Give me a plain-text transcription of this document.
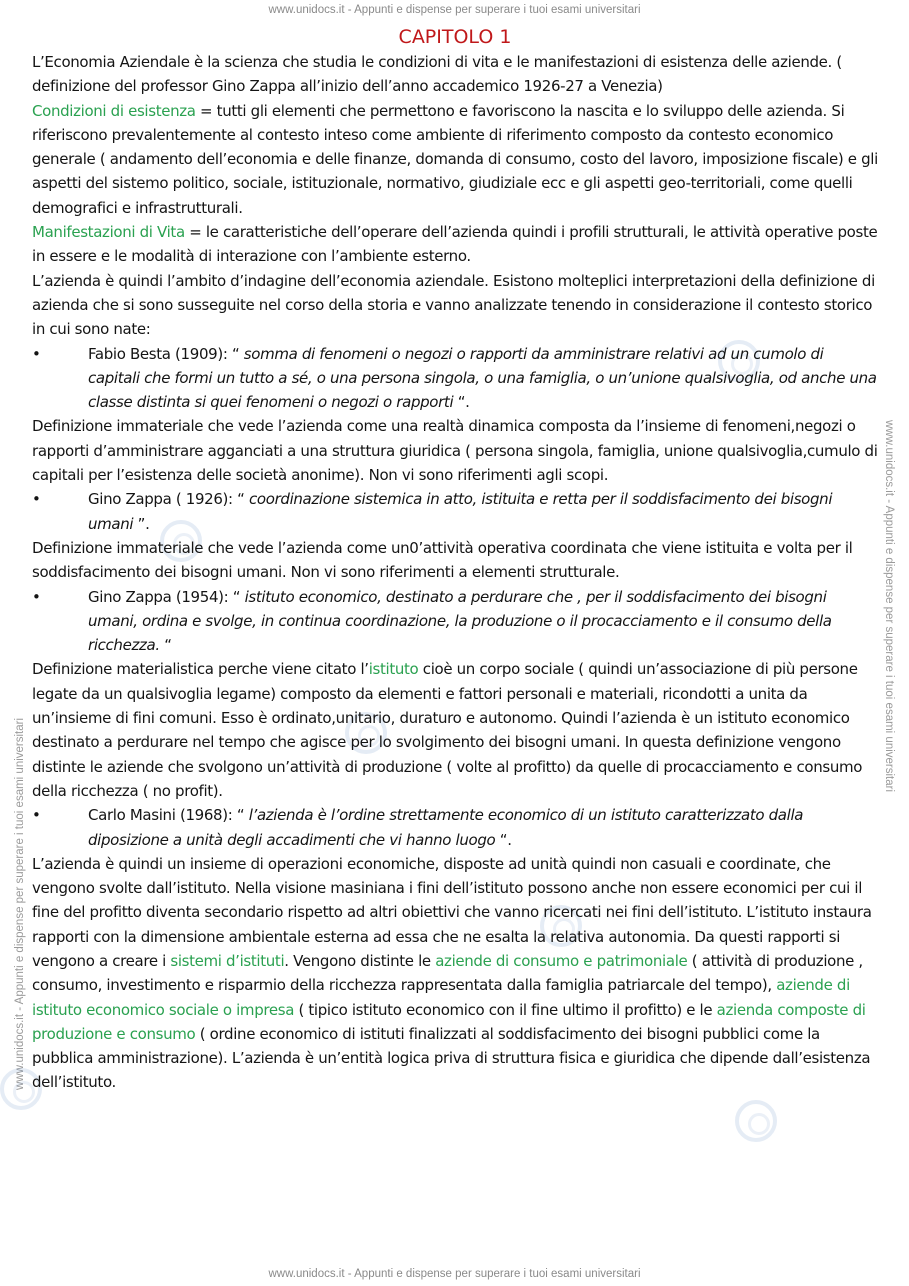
www.unidocs.it - Appunti e dispense per superare i tuoi esami universitari
www.unidocs.it - Appunti e dispense per superare i tuoi esami universitari
www.unidocs.it - Appunti e dispense per superare i tuoi esami universitari
www.unidocs.it - Appunti e dispense per superare i tuoi esami universitari
CAPITOLO 1

L’Economia Aziendale è la scienza che studia le condizioni di vita e le manifestazioni di esistenza delle aziende. ( definizione del professor Gino Zappa all’inizio dell’anno accademico 1926-27 a Venezia)

Condizioni di esistenza = tutti gli elementi che permettono e favoriscono la nascita e lo sviluppo delle azienda. Si riferiscono prevalentemente al contesto inteso come ambiente di riferimento composto da contesto economico generale ( andamento dell’economia e delle finanze, domanda di consumo, costo del lavoro, imposizione fiscale) e gli aspetti del sistemo politico, sociale, istituzionale, normativo, giudiziale ecc e gli aspetti geo-territoriali, come quelli demografici e infrastrutturali.

Manifestazioni di Vita = le caratteristiche dell’operare dell’azienda quindi i profili strutturali, le attività operative poste in essere e le modalità di interazione con l’ambiente esterno.

L’azienda è quindi l’ambito d’indagine dell’economia aziendale. Esistono molteplici interpretazioni della definizione di azienda che si sono susseguite nel corso della storia e vanno analizzate tenendo in considerazione il contesto storico in cui sono nate:

•	Fabio Besta (1909): “ somma di fenomeni o negozi o rapporti da amministrare relativi ad un cumolo di capitali che formi un tutto a sé, o una persona singola, o una famiglia, o un’unione qualsivoglia, od anche una classe distinta si quei fenomeni o negozi o rapporti “.

Definizione immateriale che vede l’azienda come una realtà dinamica composta da l’insieme di fenomeni,negozi o rapporti d’amministrare agganciati a una struttura giuridica ( persona singola, famiglia, unione qualsivoglia,cumulo di capitali per l’esistenza delle società anonime). Non vi sono riferimenti agli scopi.

•	Gino Zappa ( 1926): “ coordinazione sistemica in atto, istituita e retta per il soddisfacimento dei bisogni umani ”.

Definizione immateriale che vede l’azienda come un0’attività operativa coordinata che viene istituita e volta per il soddisfacimento dei bisogni umani. Non vi sono riferimenti a elementi strutturale.

•	Gino Zappa (1954): “ istituto economico, destinato a perdurare che , per il soddisfacimento dei bisogni umani, ordina e svolge, in continua coordinazione, la produzione o il procacciamento e il consumo della ricchezza. “

Definizione materialistica perche viene citato l’istituto cioè un corpo sociale ( quindi un’associazione di più persone legate da un qualsivoglia legame) composto da elementi e fattori personali e materiali, ricondotti a unita da un’insieme di fini comuni. Esso è ordinato,unitario, duraturo e autonomo. Quindi l’azienda è un istituto economico destinato a perdurare nel tempo che agisce per lo svolgimento dei bisogni umani. In questa definizione vengono distinte le aziende che svolgono un’attività di produzione ( volte al profitto) da quelle di procacciamento e consumo della ricchezza ( no profit).

•	Carlo Masini (1968): “ l’azienda è l’ordine strettamente economico di un istituto caratterizzato dalla diposizione a unità degli accadimenti che vi hanno luogo “.

L’azienda è quindi un insieme di operazioni economiche, disposte ad unità quindi non casuali e coordinate, che vengono svolte dall’istituto. Nella visione masiniana i fini dell’istituto possono anche non essere economici per cui il fine del profitto diventa secondario rispetto ad altri obiettivi che vanno ricercati nei fini dell’istituto. L’istituto instaura rapporti con la dimensione ambientale esterna ad essa che ne esalta la relativa autonomia. Da questi rapporti si vengono a creare i sistemi d’istituti. Vengono distinte le aziende di consumo e patrimoniale ( attività di produzione , consumo, investimento e risparmio della ricchezza rappresentata dalla famiglia patriarcale del tempo), aziende di istituto economico sociale o impresa ( tipico istituto economico con il fine ultimo il profitto) e le azienda composte di produzione e consumo ( ordine economico di istituti finalizzati al soddisfacimento dei bisogni pubblici come la pubblica amministrazione). L’azienda è un’entità logica priva di struttura fisica e giuridica che dipende dall’esistenza dell’istituto.
